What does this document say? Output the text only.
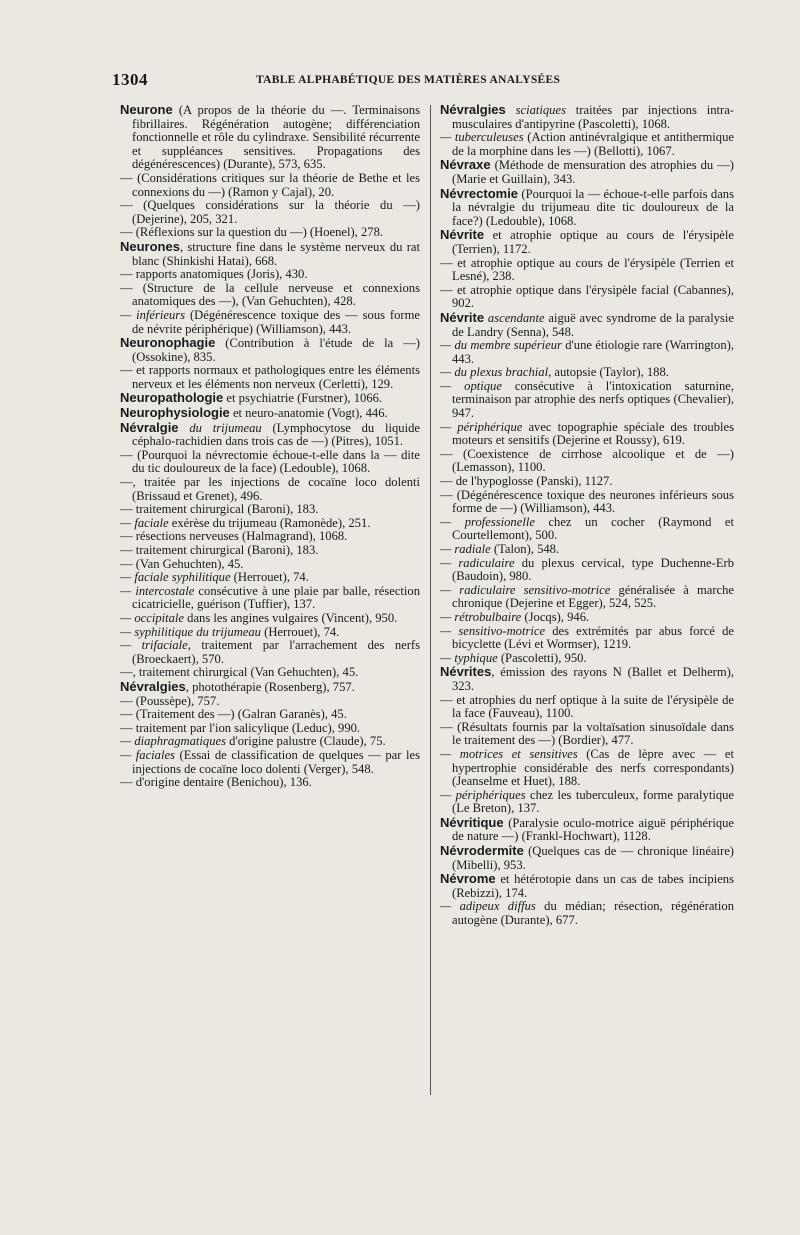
1304	TABLE ALPHABÉTIQUE DES MATIÈRES ANALYSÉES

Neurone (A propos de la théorie du —. Terminaisons fibrillaires. Régénération autogène; différenciation fonctionnelle et rôle du cylindraxe. Sensibilité récurrente et suppléances sensitives. Propagations des dégénérescences) (Durante), 573, 635.

— (Considérations critiques sur la théorie de Bethe et les connexions du —) (Ramon y Cajal), 20.

— (Quelques considérations sur la théorie du —) (Dejerine), 205, 321.

— (Réflexions sur la question du —) (Hoenel), 278.

Neurones, structure fine dans le système nerveux du rat blanc (Shinkishi Hatai), 668.

— rapports anatomiques (Joris), 430.

— (Structure de la cellule nerveuse et connexions anatomiques des —), (Van Gehuchten), 428.

— inférieurs (Dégénérescence toxique des — sous forme de névrite périphérique) (Williamson), 443.

Neuronophagie (Contribution à l'étude de la —) (Ossokine), 835.

— et rapports normaux et pathologiques entre les éléments nerveux et les éléments non nerveux (Cerletti), 129.

Neuropathologie et psychiatrie (Furstner), 1066.

Neurophysiologie et neuro-anatomie (Vogt), 446.

Névralgie du trijumeau (Lymphocytose du liquide céphalo-rachidien dans trois cas de —) (Pitres), 1051.

— (Pourquoi la névrectomie échoue-t-elle dans la — dite du tic douloureux de la face) (Ledouble), 1068.

—, traitée par les injections de cocaïne loco dolenti (Brissaud et Grenet), 496.

— traitement chirurgical (Baroni), 183.

— faciale exérèse du trijumeau (Ramonède), 251.

— résections nerveuses (Halmagrand), 1068.

— traitement chirurgical (Baroni), 183.

— (Van Gehuchten), 45.

— faciale syphilitique (Herrouet), 74.

— intercostale consécutive à une plaie par balle, résection cicatricielle, guérison (Tuffier), 137.

— occipitale dans les angines vulgaires (Vincent), 950.

— syphilitique du trijumeau (Herrouet), 74.

— trifaciale, traitement par l'arrachement des nerfs (Broeckaert), 570.

—, traitement chirurgical (Van Gehuchten), 45.

Névralgies, photothérapie (Rosenberg), 757.

— (Poussèpe), 757.

— (Traitement des —) (Galran Garanès), 45.

— traitement par l'ion salicylique (Leduc), 990.

— diaphragmatiques d'origine palustre (Claude), 75.

— faciales (Essai de classification de quelques — par les injections de cocaïne loco dolenti (Verger), 548.

— d'origine dentaire (Benichou), 136.

Névralgies sciatiques traitées par injections intra-musculaires d'antipyrine (Pascoletti), 1068.

— tuberculeuses (Action antinévralgique et antithermique de la morphine dans les —) (Bellotti), 1067.

Névraxe (Méthode de mensuration des atrophies du —) (Marie et Guillain), 343.

Névrectomie (Pourquoi la — échoue-t-elle parfois dans la névralgie du trijumeau dite tic douloureux de la face?) (Ledouble), 1068.

Névrite et atrophie optique au cours de l'érysipèle (Terrien), 1172.

— et atrophie optique au cours de l'érysipèle (Terrien et Lesné), 238.

— et atrophie optique dans l'érysipèle facial (Cabannes), 902.

Névrite ascendante aiguë avec syndrome de la paralysie de Landry (Senna), 548.

— du membre supérieur d'une étiologie rare (Warrington), 443.

— du plexus brachial, autopsie (Taylor), 188.

— optique consécutive à l'intoxication saturnine, terminaison par atrophie des nerfs optiques (Chevalier), 947.

— périphérique avec topographie spéciale des troubles moteurs et sensitifs (Dejerine et Roussy), 619.

— (Coexistence de cirrhose alcoolique et de —) (Lemasson), 1100.

— de l'hypoglosse (Panski), 1127.

— (Dégénérescence toxique des neurones inférieurs sous forme de —) (Williamson), 443.

— professionelle chez un cocher (Raymond et Courtellemont), 500.

— radiale (Talon), 548.

— radiculaire du plexus cervical, type Duchenne-Erb (Baudoin), 980.

— radiculaire sensitivo-motrice généralisée à marche chronique (Dejerine et Egger), 524, 525.

— rétrobulbaire (Jocqs), 946.

— sensitivo-motrice des extrémités par abus forcé de bicyclette (Lévi et Wormser), 1219.

— typhique (Pascoletti), 950.

Névrites, émission des rayons N (Ballet et Delherm), 323.

— et atrophies du nerf optique à la suite de l'érysipèle de la face (Fauveau), 1100.

— (Résultats fournis par la voltaïsation sinusoïdale dans le traitement des —) (Bordier), 477.

— motrices et sensitives (Cas de lèpre avec — et hypertrophie considérable des nerfs correspondants) (Jeanselme et Huet), 188.

— périphériques chez les tuberculeux, forme paralytique (Le Breton), 137.

Névritique (Paralysie oculo-motrice aiguë périphérique de nature —) (Frankl-Hochwart), 1128.

Névrodermite (Quelques cas de — chronique linéaire) (Mibelli), 953.

Névrome et hétérotopie dans un cas de tabes incipiens (Rebizzi), 174.

— adipeux diffus du médian; résection, régénération autogène (Durante), 677.
